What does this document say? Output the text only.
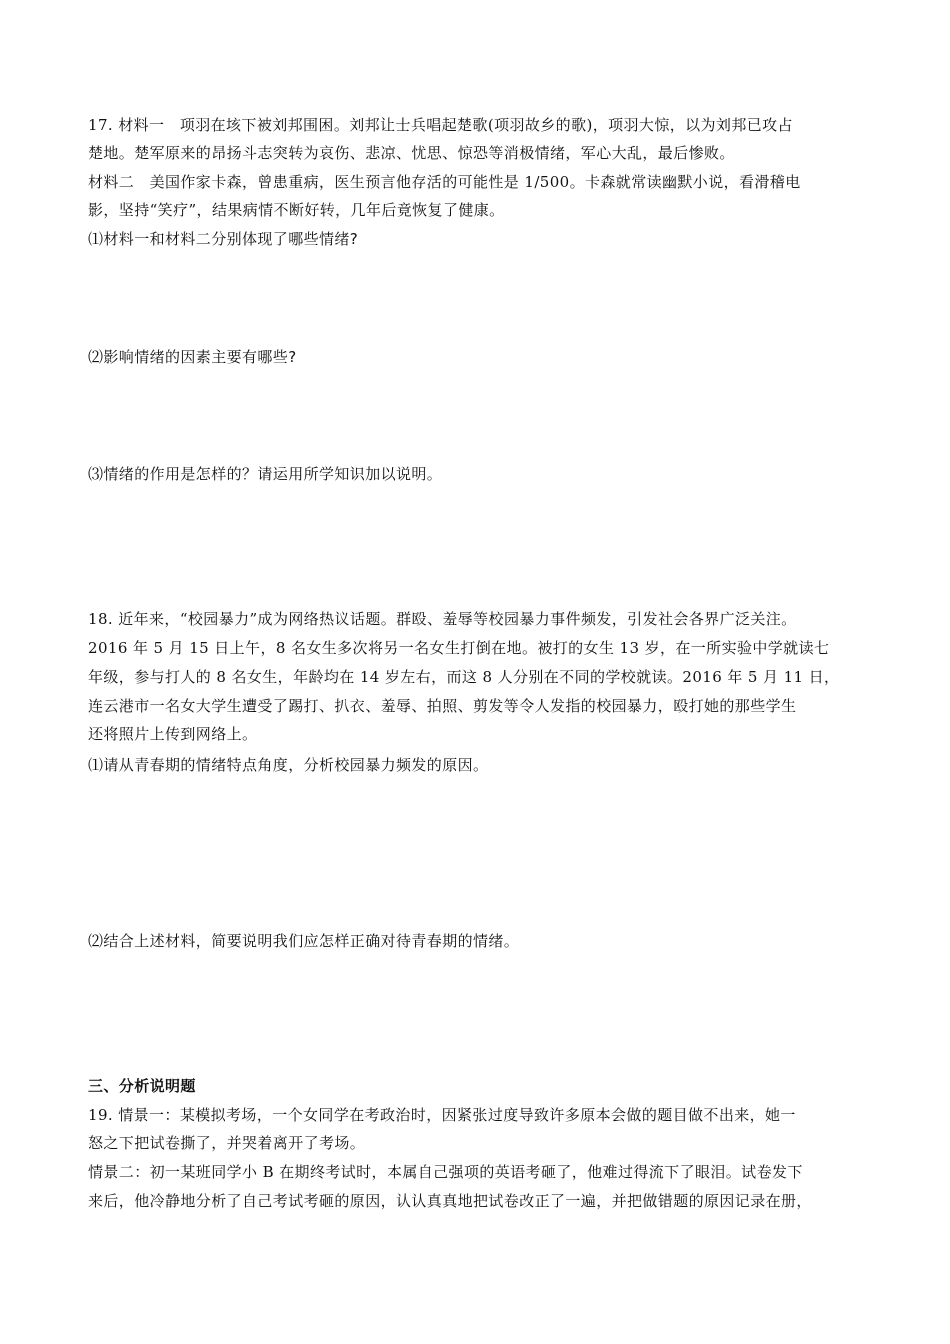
17. 材料一　项羽在垓下被刘邦围困。刘邦让士兵唱起楚歌(项羽故乡的歌)，项羽大惊，以为刘邦已攻占
楚地。楚军原来的昂扬斗志突转为哀伤、悲凉、忧思、惊恐等消极情绪，军心大乱，最后惨败。
材料二　美国作家卡森，曾患重病，医生预言他存活的可能性是 1/500。卡森就常读幽默小说，看滑稽电
影，坚持“笑疗”，结果病情不断好转，几年后竟恢复了健康。
⑴材料一和材料二分别体现了哪些情绪?
⑵影响情绪的因素主要有哪些?
⑶情绪的作用是怎样的？请运用所学知识加以说明。
18. 近年来，“校园暴力”成为网络热议话题。群殴、羞辱等校园暴力事件频发，引发社会各界广泛关注。
2016 年 5 月 15 日上午，8 名女生多次将另一名女生打倒在地。被打的女生 13 岁，在一所实验中学就读七
年级，参与打人的 8 名女生，年龄均在 14 岁左右，而这 8 人分别在不同的学校就读。2016 年 5 月 11 日，
连云港市一名女大学生遭受了踢打、扒衣、羞辱、拍照、剪发等令人发指的校园暴力，殴打她的那些学生
还将照片上传到网络上。
⑴请从青春期的情绪特点角度，分析校园暴力频发的原因。
⑵结合上述材料，简要说明我们应怎样正确对待青春期的情绪。
三、分析说明题
19. 情景一：某模拟考场，一个女同学在考政治时，因紧张过度导致许多原本会做的题目做不出来，她一
怒之下把试卷撕了，并哭着离开了考场。
情景二：初一某班同学小 B 在期终考试时，本属自己强项的英语考砸了，他难过得流下了眼泪。试卷发下
来后，他冷静地分析了自己考试考砸的原因，认认真真地把试卷改正了一遍，并把做错题的原因记录在册，
